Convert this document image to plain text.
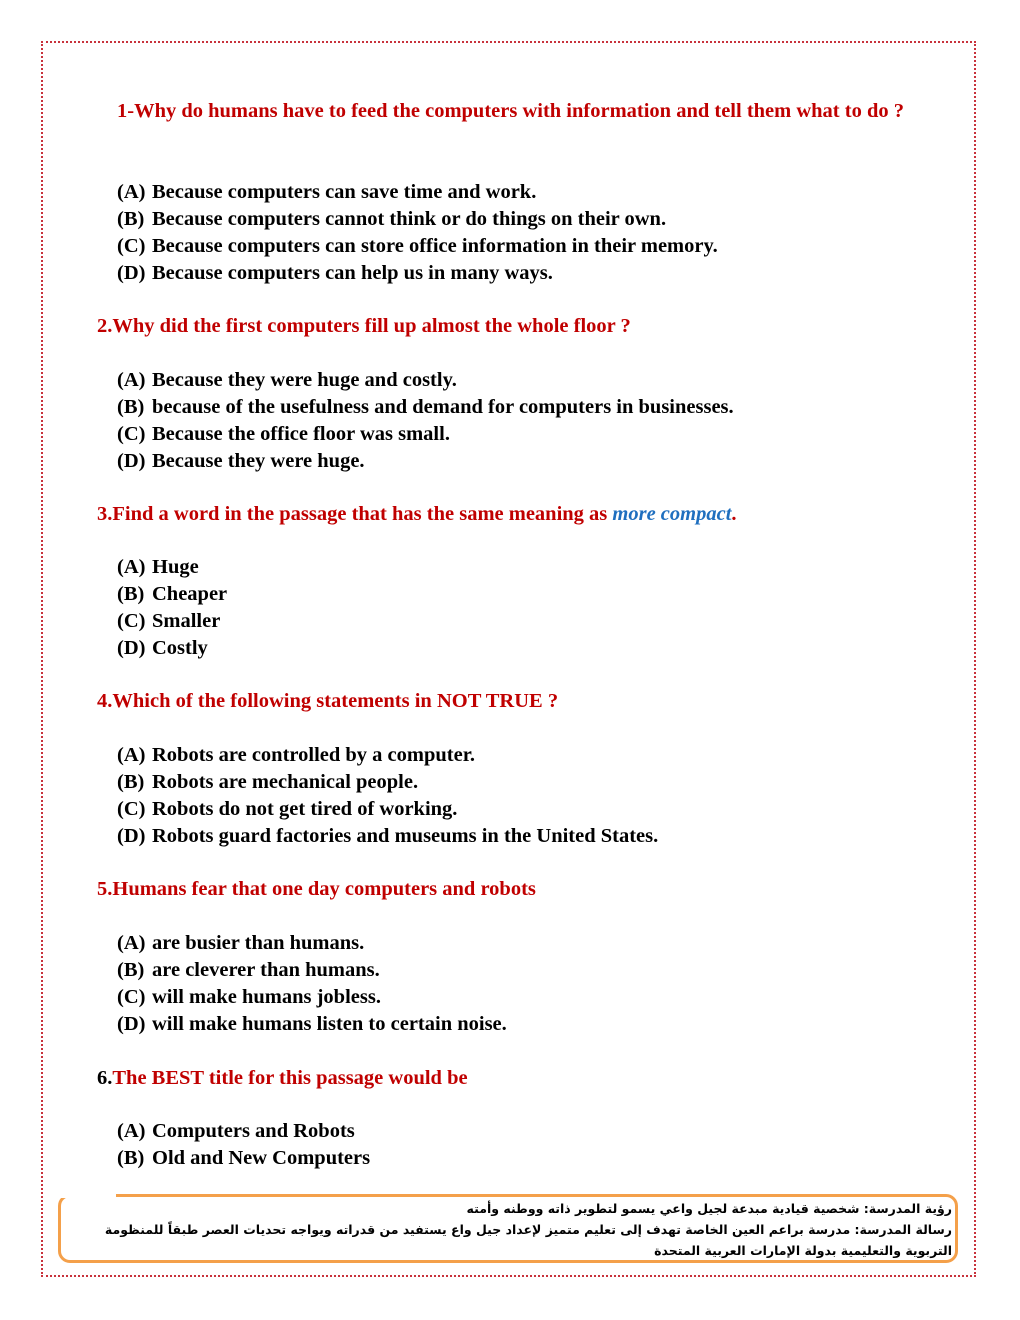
1-Why do humans have to feed the computers with information and tell them what to do ?
(A) Because computers can save time and work.
(B) Because computers cannot think or do things on their own.
(C) Because computers can store office information in their memory.
(D) Because computers can help us in many ways.
2.Why did the first computers fill up almost the whole floor ?
(A) Because they were huge and costly.
(B) because of the usefulness and demand for computers in businesses.
(C) Because the office floor was small.
(D) Because they were huge.
3.Find a word in the passage that has the same meaning as more compact.
(A) Huge
(B) Cheaper
(C) Smaller
(D) Costly
4.Which of the following statements in NOT TRUE ?
(A) Robots are controlled by a computer.
(B) Robots are mechanical people.
(C) Robots do not get tired of working.
(D) Robots guard factories and museums in the United States.
5.Humans fear that one day computers and robots
(A) are busier than humans.
(B) are cleverer than humans.
(C) will make humans jobless.
(D) will make humans listen to certain noise.
6.The BEST title for this passage would be
(A) Computers and Robots
(B) Old and New Computers
رؤية المدرسة: شخصية قيادية مبدعة لجيل واعي يسمو لتطوير ذاته ووطنه وأمته
رسالة المدرسة: مدرسة براعم العين الخاصة تهدف إلى تعليم متميز لإعداد جيل واع يستفيد من قدراته ويواجه تحديات العصر طبقاً للمنظومة التربوية والتعليمية بدولة الإمارات العربية المتحدة
